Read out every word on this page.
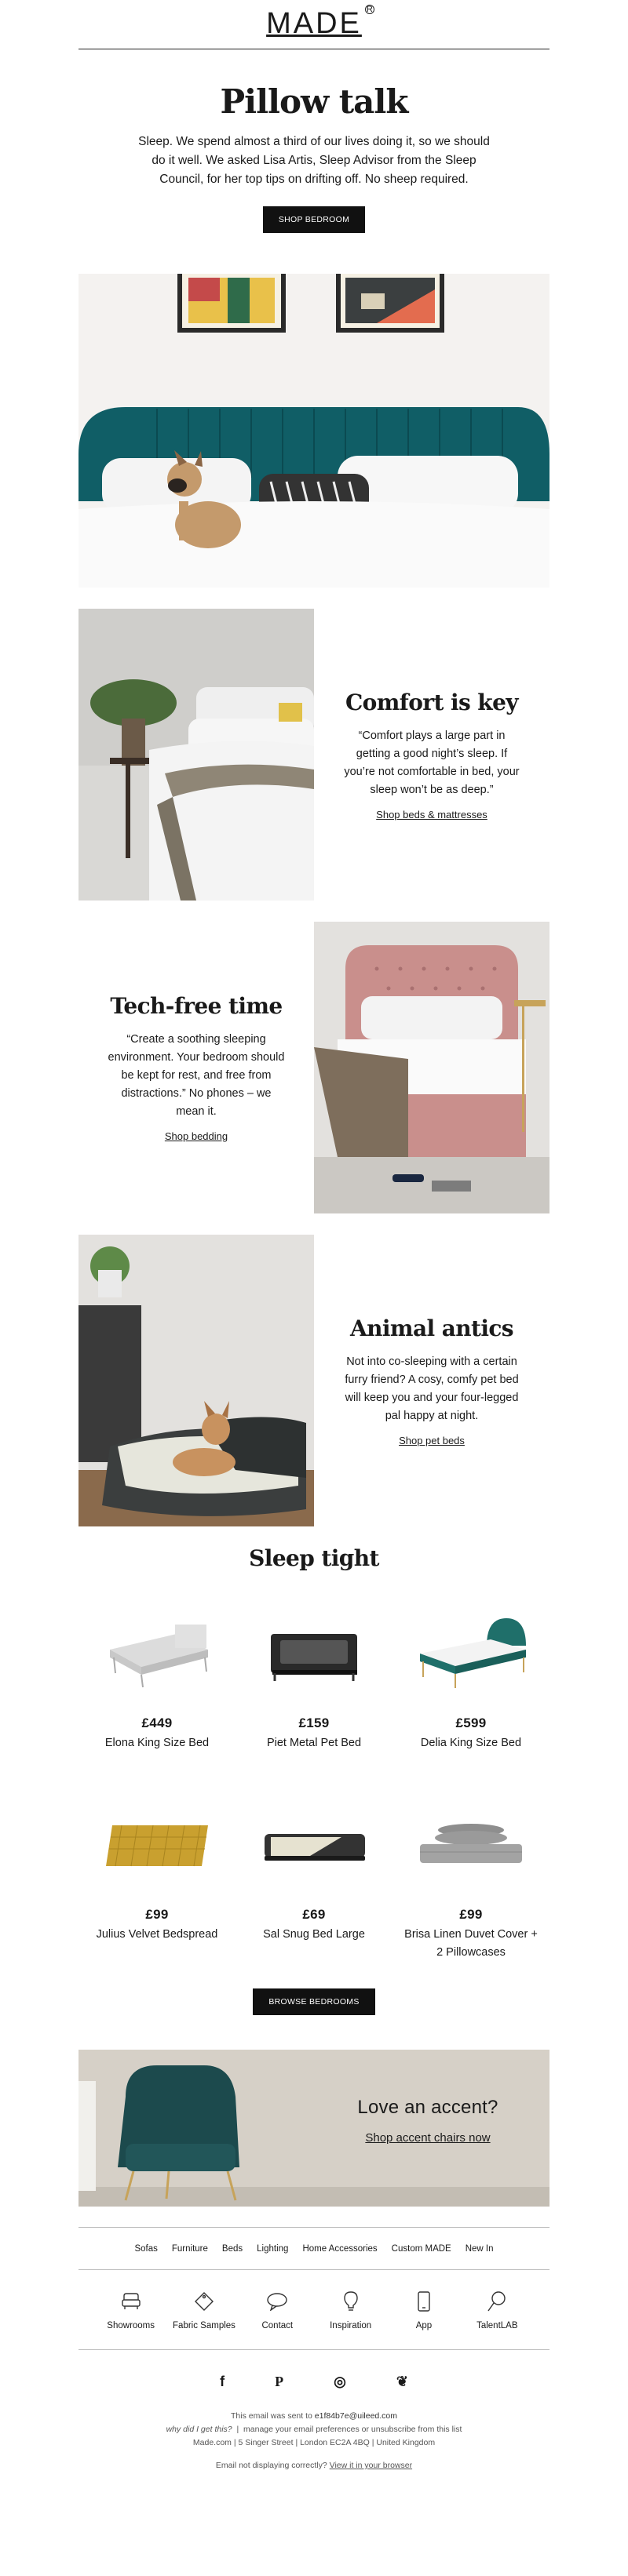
MADE R
Pillow talk

Sleep. We spend almost a third of our lives doing it, so we should do it well. We asked Lisa Artis, Sleep Advisor from the Sleep Council, for her top tips on drifting off. No sheep required.

SHOP BEDROOM
Comfort is key

“Comfort plays a large part in getting a good night’s sleep. If you’re not comfortable in bed, your sleep won’t be as deep.”

Shop beds & mattresses
Tech-free time

“Create a soothing sleeping environment. Your bedroom should be kept for rest, and free from distractions.” No phones – we mean it.

Shop bedding
Animal antics

Not into co-sleeping with a certain furry friend? A cosy, comfy pet bed will keep you and your four-legged pal happy at night.

Shop pet beds
Sleep tight
£449
Elona King Size Bed
£159
Piet Metal Pet Bed
£599
Delia King Size Bed
£99
Julius Velvet Bedspread
£69
Sal Snug Bed Large
£99
Brisa Linen Duvet Cover + 2 Pillowcases
BROWSE BEDROOMS
Love an accent?
Shop accent chairs now
Sofas	Furniture	Beds	Lighting	Home Accessories	Custom MADE	New In
Showrooms	Fabric Samples	Contact	Inspiration	App	TalentLAB
f	P	◎	❦
This email was sent to e1f84b7e@uileed.com
why did I get this?  |  manage your email preferences or unsubscribe from this list
Made.com | 5 Singer Street | London EC2A 4BQ | United Kingdom
Email not displaying correctly? View it in your browser
